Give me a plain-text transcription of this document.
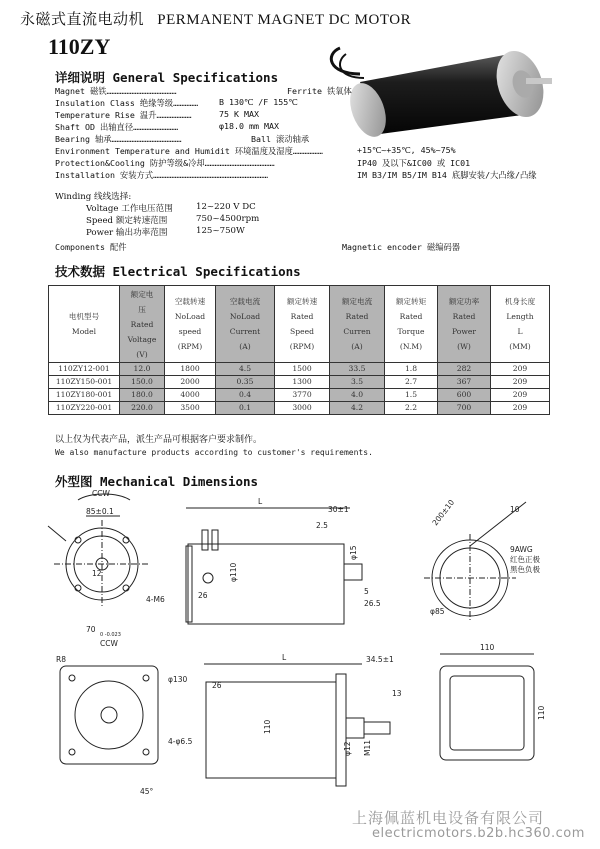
永磁式直流电动机 PERMANENT MAGNET DC MOTOR
110ZY
详细说明 General Specifications
Magnet 磁铁……………………………………	Ferrite 铁氧体
Insulation Class 绝缘等级……………	B 130℃ /F 155℃
Temperature Rise 温升…………………	75 K MAX
Shaft OD 出轴直径………………………	φ18.0 mm MAX
Bearing 轴承……………………………………	Ball 滚动轴承
Environment Temperature and Humidit 环境温度及湿度………………	+15℃~+35℃, 45%~75%
Protection&Cooling 防护等级&冷却……………………………………	IP40 及以下&IC00 或 IC01
Installation 安装方式……………………………………………………………	IM B3/IM B5/IM B14 底脚安装/大凸缘/凸缘
Winding 线线选择:
Voltage 工作电压范围	12~220 V DC
Speed 额定转速范围	750~4500rpm
Power 输出功率范围	125~750W
Components 配件	Magnetic encoder 磁编码器
技术数据 Electrical Specifications
电机型号
Model	额定电
压
Rated
Voltage
(V)	空载转速
NoLoad
speed
(RPM)	空载电流
NoLoad
Current
(A)	额定转速
Rated
Speed
(RPM)	额定电流
Rated
Curren
(A)	额定转矩
Rated
Torque
(N.M)	额定功率
Rated
Power
(W)	机身长度
Length
L
(MM)
110ZY12-001	12.0	1800	4.5	1500	33.5	1.8	282	209
110ZY150-001	150.0	2000	0.35	1300	3.5	2.7	367	209
110ZY180-001	180.0	4000	0.4	3770	4.0	1.5	600	209
110ZY220-001	220.0	3500	0.1	3000	4.2	2.2	700	209
以上仅为代表产品，派生产品可根据客户要求制作。
We also manufacture products according to customer's requirements.
外型图 Mechanical Dimensions
CCW
85±0.1
4-M6
12
70
0 -0.023
CCW
L
30±1
2.5
26
φ110
φ15
5
26.5
200±10	10
9AWG
红色正极
黑色负极
φ85
R8
φ130
4-φ6.5
45°
L	34.5±1
26
110
13
M11
φ12
110
110
上海佩蓝机电设备有限公司
electricmotors.b2b.hc360.com
